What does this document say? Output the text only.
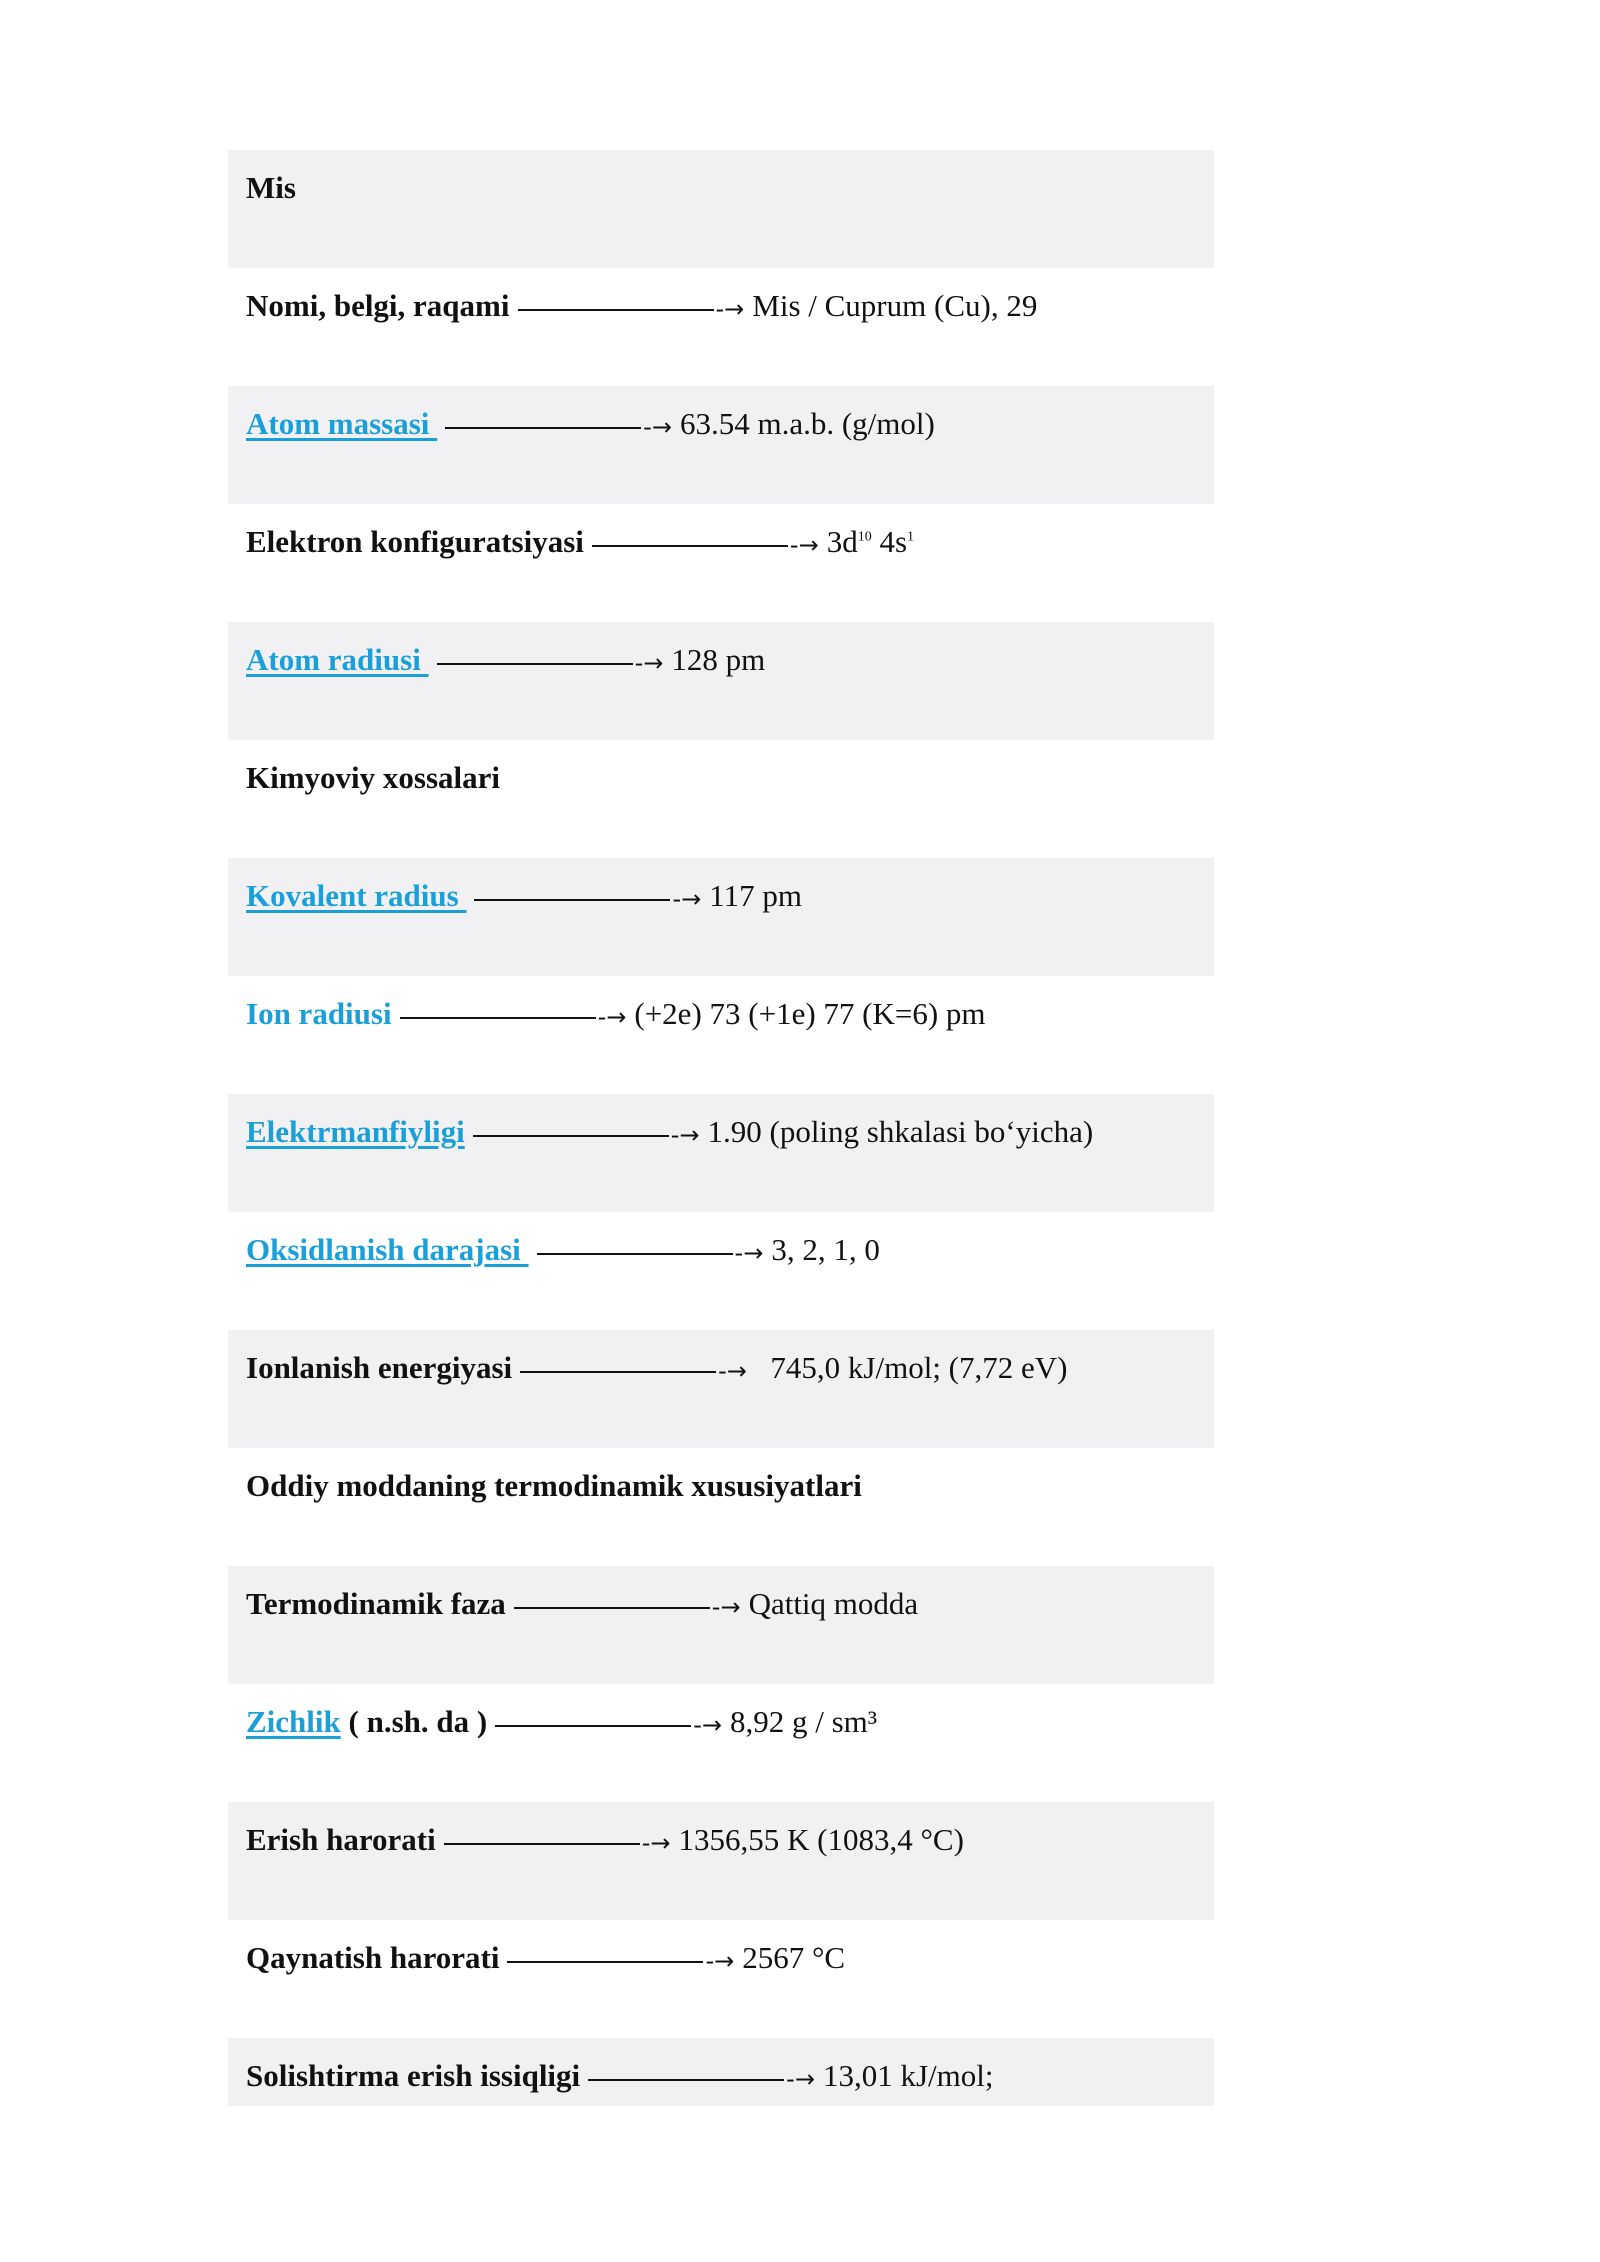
Mis
Nomi, belgi, raqami	-→ Mis / Cuprum (Cu), 29
Atom massasi	-→ 63.54 m.a.b. (g/mol)
Elektron konfiguratsiyasi	-→ $3d^{10}$ $4s^1$
Atom radiusi	-→ 128 pm
Kimyoviy xossalari
Kovalent radius	-→ 117 pm
Ion radiusi	-→ (+2e) 73 (+1e) 77 (K=6) pm
Elektrmanfiyligi	-→ 1.90 (poling shkalasi bo‘yicha)
Oksidlanish darajasi	-→ 3, 2, 1, 0
Ionlanish energiyasi	-→  745,0 kJ/mol; (7,72 eV)
Oddiy moddaning termodinamik xususiyatlari
Termodinamik faza	-→ Qattiq modda
Zichlik ( n.sh. da )	-→ 8,92 g / sm³
Erish harorati	-→ 1356,55 K (1083,4 °C)
Qaynatish harorati	-→ 2567 °C
Solishtirma erish issiqligi	-→ 13,01 kJ/mol;
